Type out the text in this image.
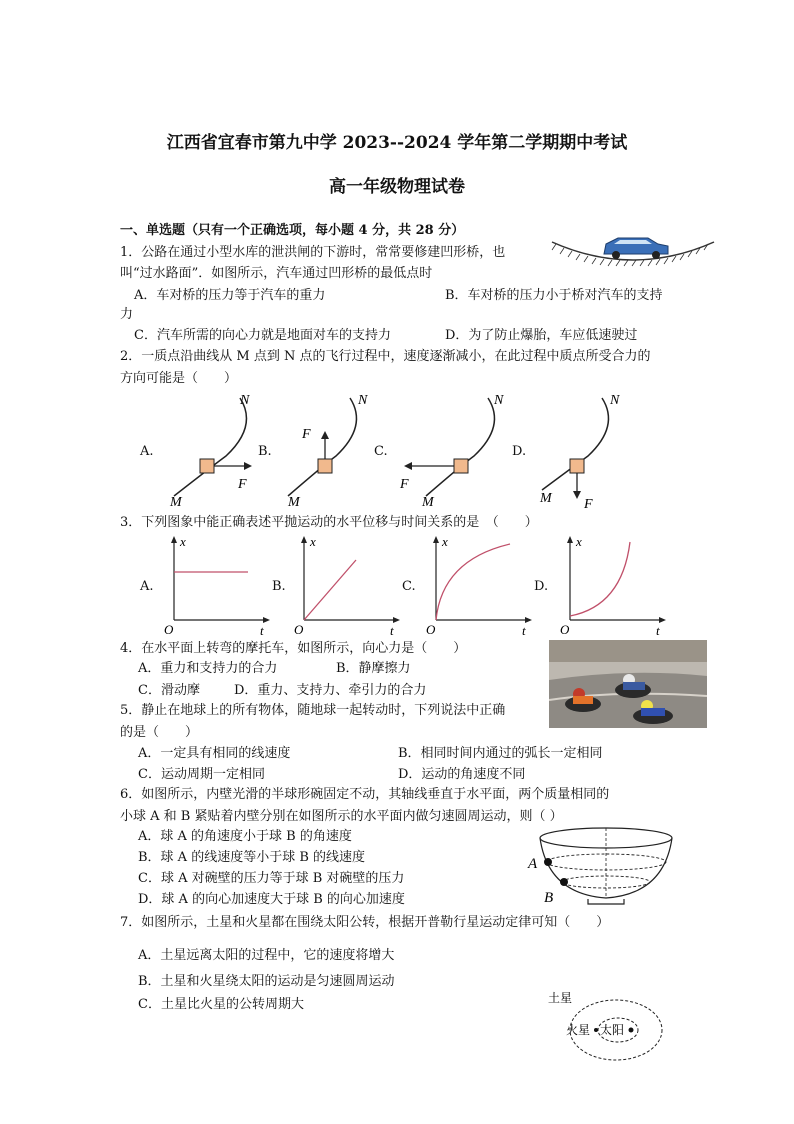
江西省宜春市第九中学 2023--2024 学年第二学期期中考试
高一年级物理试卷
一、单选题（只有一个正确选项，每小题 4 分，共 28 分）
1．公路在通过小型水库的泄洪闸的下游时，常常要修建凹形桥，也
叫“过水路面”．如图所示，汽车通过凹形桥的最低点时
A．车对桥的压力等于汽车的重力	B．车对桥的压力小于桥对汽车的支持
力
C．汽车所需的向心力就是地面对车的支持力	D．为了防止爆胎，车应低速驶过
2．一质点沿曲线从 M 点到 N 点的飞行过程中，速度逐渐减小，在此过程中质点所受合力的
方向可能是（　　）
A.	B.	C.	D.
N
M
F
N
M
F
N
M
F
N
M F
3．下列图象中能正确表述平抛运动的水平位移与时间关系的是　（　　）
A.	B.	C.	D.
x
t
O
x
t
O
x
t
O
x
t
O
4．在水平面上转弯的摩托车，如图所示，向心力是（　　）
A．重力和支持力的合力	B．静摩擦力
C．滑动摩	D．重力、支持力、牵引力的合力
5．静止在地球上的所有物体，随地球一起转动时，下列说法中正确
的是（　　）
A．一定具有相同的线速度	B．相同时间内通过的弧长一定相同
C．运动周期一定相同	D．运动的角速度不同
6．如图所示，内壁光滑的半球形碗固定不动，其轴线垂直于水平面，两个质量相同的
小球 A 和 B 紧贴着内壁分别在如图所示的水平面内做匀速圆周运动，则（ ）
A．球 A 的角速度小于球 B 的角速度
B．球 A 的线速度等小于球 B 的线速度
C．球 A 对碗壁的压力等于球 B 对碗壁的压力
D．球 A 的向心加速度大于球 B 的向心加速度
A
B
7．如图所示，土星和火星都在围绕太阳公转，根据开普勒行星运动定律可知（　　）
A．土星远离太阳的过程中，它的速度将增大
B．土星和火星绕太阳的运动是匀速圆周运动
C．土星比火星的公转周期大	土星
火星 太阳
